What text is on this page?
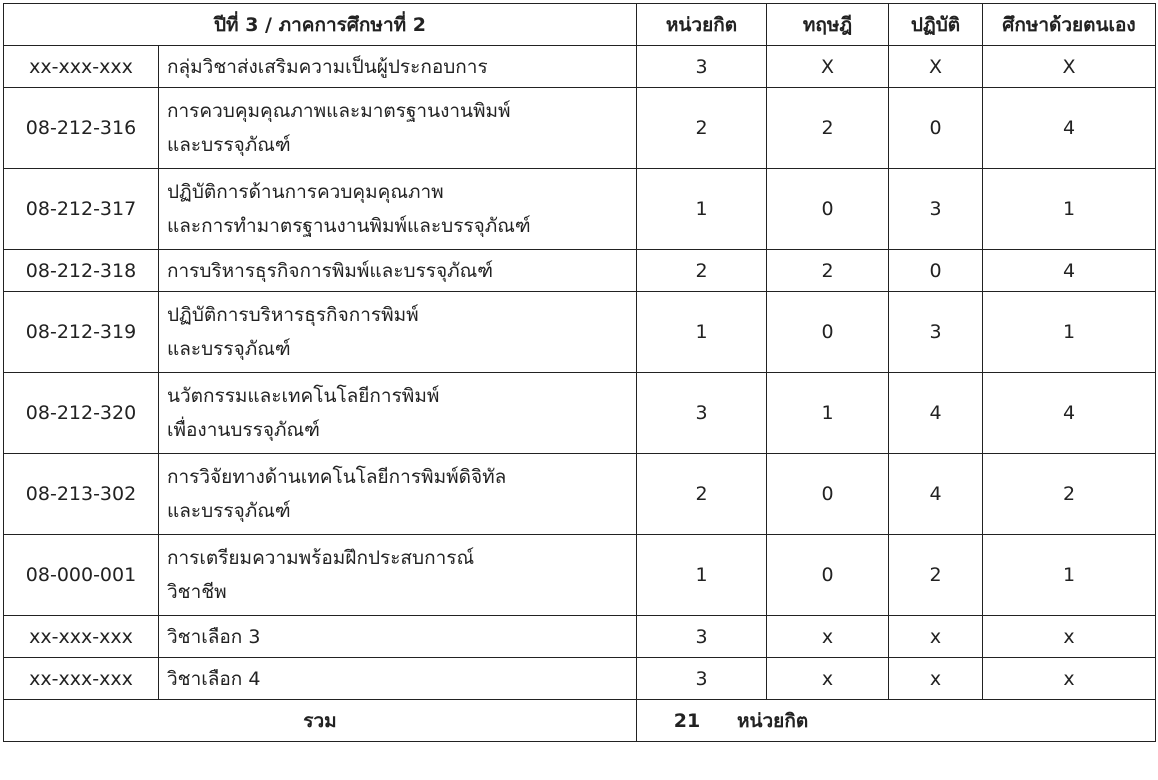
ปีที่ 3 / ภาคการศึกษาที่ 2		หน่วยกิต	ทฤษฎี	ปฏิบัติ	ศึกษาด้วยตนเอง
xx-xxx-xxx	กลุ่มวิชาส่งเสริมความเป็นผู้ประกอบการ	3	X	X	X
08-212-316	การควบคุมคุณภาพและมาตรฐานงานพิมพ์
และบรรจุภัณฑ์	2	2	0	4
08-212-317	ปฏิบัติการด้านการควบคุมคุณภาพ
และการทำมาตรฐานงานพิมพ์และบรรจุภัณฑ์	1	0	3	1
08-212-318	การบริหารธุรกิจการพิมพ์และบรรจุภัณฑ์	2	2	0	4
08-212-319	ปฏิบัติการบริหารธุรกิจการพิมพ์
และบรรจุภัณฑ์	1	0	3	1
08-212-320	นวัตกรรมและเทคโนโลยีการพิมพ์
เพื่องานบรรจุภัณฑ์	3	1	4	4
08-213-302	การวิจัยทางด้านเทคโนโลยีการพิมพ์ดิจิทัล
และบรรจุภัณฑ์	2	0	4	2
08-000-001	การเตรียมความพร้อมฝึกประสบการณ์
วิชาชีพ	1	0	2	1
xx-xxx-xxx	วิชาเลือก 3	3	x	x	x
xx-xxx-xxx	วิชาเลือก 4	3	x	x	x
รวม		21 หน่วยกิต			
